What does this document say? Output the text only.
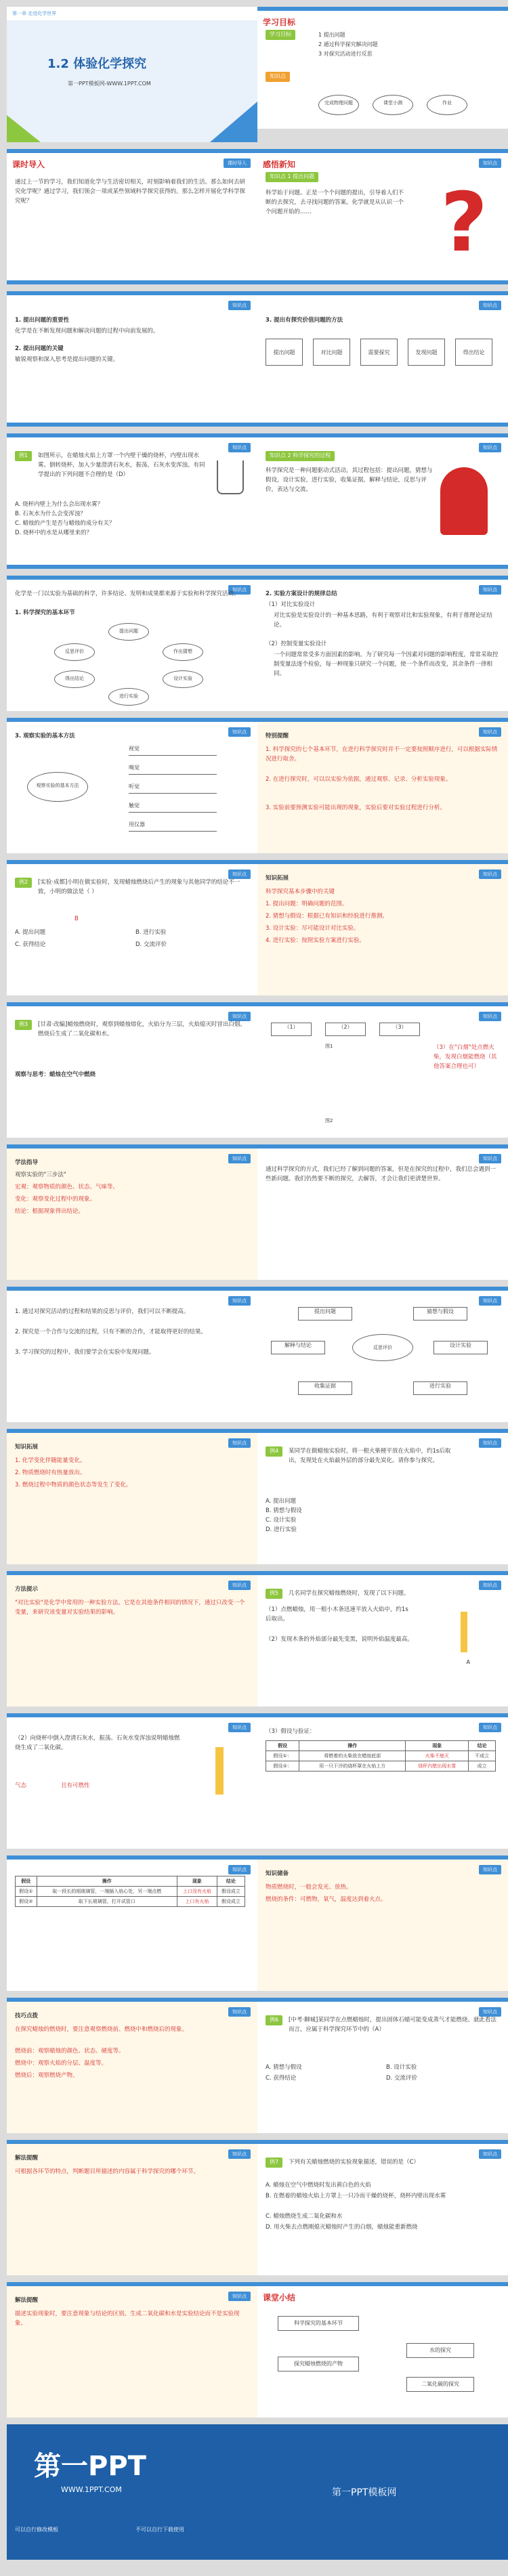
第一章 走进化学世界
1.2 体验化学探究
第一PPT模板网-WWW.1PPT.COM
学习目标
学习目标	1 提出问题
2 通过科学探究解决问题
3 对探究活动进行反思
知识点
完成物理问题	课堂小测	作业
课时导入	课时导入
通过上一节的学习，我们知道化学与生活密切相关，时刻影响着我们的生活。那么如何去研究化学呢？通过学习，我们领会一项或某些领域科学探究获得的。那么怎样开展化学科学探究呢？
感悟新知	知识点
知识点 1 提出问题
科学始于问题。正是一个个问题的提出，引导着人们不断的去探究，去寻找问题的答案。化学就是从认识一个个问题开始的……	?
知识点
1. 提出问题的重要性
化学是在不断发现问题和解决问题的过程中向前发展的。
2. 提出问题的关键
敏锐观察和深入思考是提出问题的关键。
知识点
3. 提出有探究价值问题的方法
提出问题	对比问题	需要探究	发现问题	得出结论
知识点
例1	如图所示，在蜡烛火焰上方罩一个内壁干燥的烧杯，内壁出现水雾。倒转烧杯，加入少量澄清石灰水，振荡，石灰水变浑浊。有同学提出的下列问题不合理的是（D）
A. 烧杯内壁上为什么会出现水雾？
B. 石灰水为什么会变浑浊？
C. 蜡烛的产生是否与蜡烛的成分有关？
D. 烧杯中的水是从哪里来的？
知识点
知识点 2 科学探究的过程
科学探究是一种问题驱动式活动，其过程包括：提出问题，猜想与假设，设计实验，进行实验，收集证据，解释与结论，反思与评价，表达与交流。
知识点
化学是一门以实验为基础的科学，许多结论、发明和成果都来源于实验和科学探究活动。
1. 科学探究的基本环节
提出问题
作出猜想
设计实验
进行实验
得出结论
反思评价
知识点
2. 实验方案设计的规律总结
（1）对比实验设计
对比实验是实验设计的一种基本思路，有利于观察对比和实验现象，有利于推理论证结论。
（2）控制变量实验设计
一个问题常常受多方面因素的影响。为了研究每一个因素对问题的影响程度，常常采取控制变量法逐个检验，每一种现象只研究一个问题，使一个条件而改变，其余条件一律相同。
知识点
3. 观察实验的基本方法
观察实验的基本方法
视觉
嗅觉
听觉
触觉
用仪器
知识点
特别提醒
1. 科学探究的七个基本环节，在进行科学探究时并不一定要按照顺序进行，可以根据实际情况进行取舍。
2. 在进行探究时，可以以实验为依据，通过观察、记录、分析实验现象。
3. 实验前要预测实验可能出现的现象，实验后要对实验过程进行分析。
知识点
例2	[实验·成都]小明在做实验时，发现蜡烛燃烧后产生的现象与其他同学的结论不一致，小明的做法是（ ）
A. 提出问题	B. 进行实验
C. 获得结论	D. 交流评价
B
知识点
知识拓展
科学探究基本步骤中的关键
1. 提出问题：明确问题的范围。
2. 猜想与假设：根据已有知识和经验进行推测。
3. 设计实验：尽可能设计对比实验。
4. 进行实验：按照实验方案进行实验。
知识点
例3	[甘肃·改编]蜡烛燃烧时，观察到蜡烛熔化，火焰分为三层，火焰熄灭时冒出白烟。燃烧后生成了二氧化碳和水。
观察与思考：蜡烛在空气中燃烧
知识点
（1）	（2）	（3）
图1
图2
（3）在"白烟"处点燃火柴，发现白烟能燃烧（其他答案合理也可）
知识点
学法指导
观察实验的"三步法"
宏观：观察物质的颜色、状态、气味等。
变化：观察变化过程中的现象。
结论：根据现象得出结论。
知识点
通过科学探究的方式，我们已经了解到问题的答案，但是在探究的过程中，我们总会遇到一些新问题。我们仍然要不断的探究，去解答，才会让我们更清楚世界。
知识点
1. 通过对探究活动的过程和结果的反思与评价，我们可以不断提高。
2. 探究是一个合作与交流的过程，只有不断的合作，才能取得更好的结果。
3. 学习探究的过程中，我们要学会在实验中发现问题。
知识点
提出问题	猜想与假设
设计实验
进行实验
收集证据
解释与结论	反思评价
知识点
知识拓展
1. 化学变化伴随能量变化。
2. 物质燃烧时有热量放出。
3. 燃烧过程中物质的颜色状态等发生了变化。
知识点
例4	某同学在做蜡烛实验时，将一根火柴梗平放在火焰中，约1s后取出，发现处在火焰最外层的部分最先炭化。请你参与探究。
A. 提出问题
B. 猜想与假设
C. 设计实验
D. 进行实验
知识点
方法提示
"对比实验"是化学中常用的一种实验方法。它是在其他条件相同的情况下，通过只改变一个变量，来研究该变量对实验结果的影响。
知识点
例5	几名同学在探究蜡烛燃烧时，发现了以下问题。
（1）点燃蜡烛，用一根小木条迅速平放入火焰中，约1s后取出。
（2）发现木条的外焰部分最先变黑，说明外焰温度最高。
A
知识点
（2）向烧杯中倒入澄清石灰水，振荡。石灰水变浑浊说明蜡烛燃烧生成了二氧化碳。
气态	且有可燃性
知识点
（3）假设与验证：
假设	操作	现象	结论
假设①：	将燃着的火柴放在蜡烛底部	火柴不熄灭	不成立
假设②：	用一只干冷的烧杯罩在火焰上方	烧杯内壁出现水雾	成立
知识点
假设	操作	现象	结论
假设①	取一段长的细玻璃管，一端插入焰心处，另一端点燃	上口没有火焰	假设成立
假设②	取下长玻璃管，打开试管口	上口有火焰	假设成立
知识点
知识储备
物质燃烧时，一般会发光、放热。
燃烧的条件：可燃物，氧气，温度达到着火点。
知识点
技巧点拨
在探究蜡烛的燃烧时，要注意观察燃烧前、燃烧中和燃烧后的现象。
燃烧前：观察蜡烛的颜色、状态、硬度等。
燃烧中：观察火焰的分层、温度等。
燃烧后：观察燃烧产物。
知识点
例6	[中考·聊城]某同学在点燃蜡烛时，提出固体石蜡可能变成蒸气才能燃烧。就此看法而言，应属于科学探究环节中的（A）
A. 猜想与假设	B. 设计实验
C. 获得结论	D. 交流评价
知识点
解法提醒
可根据各环节的特点，判断题目所描述的内容属于科学探究的哪个环节。
知识点
例7	下列有关蜡烛燃烧的实验现象描述，错误的是（C）
A. 蜡烛在空气中燃烧时发出黄白色的火焰
B. 在燃着的蜡烛火焰上方罩上一只冷而干燥的烧杯，烧杯内壁出现水雾
C. 蜡烛燃烧生成二氧化碳和水
D. 用火柴去点燃刚熄灭蜡烛时产生的白烟，蜡烛能重新燃烧
知识点
解法提醒
描述实验现象时，要注意现象与结论的区别。生成二氧化碳和水是实验结论而不是实验现象。
课堂小结
科学探究的基本环节
探究蜡烛燃烧的产物
水的探究
二氧化碳的探究
第一PPT
WWW.1PPT.COM
可以自行修改模板	不可以自行下载使用
第一PPT模板网
